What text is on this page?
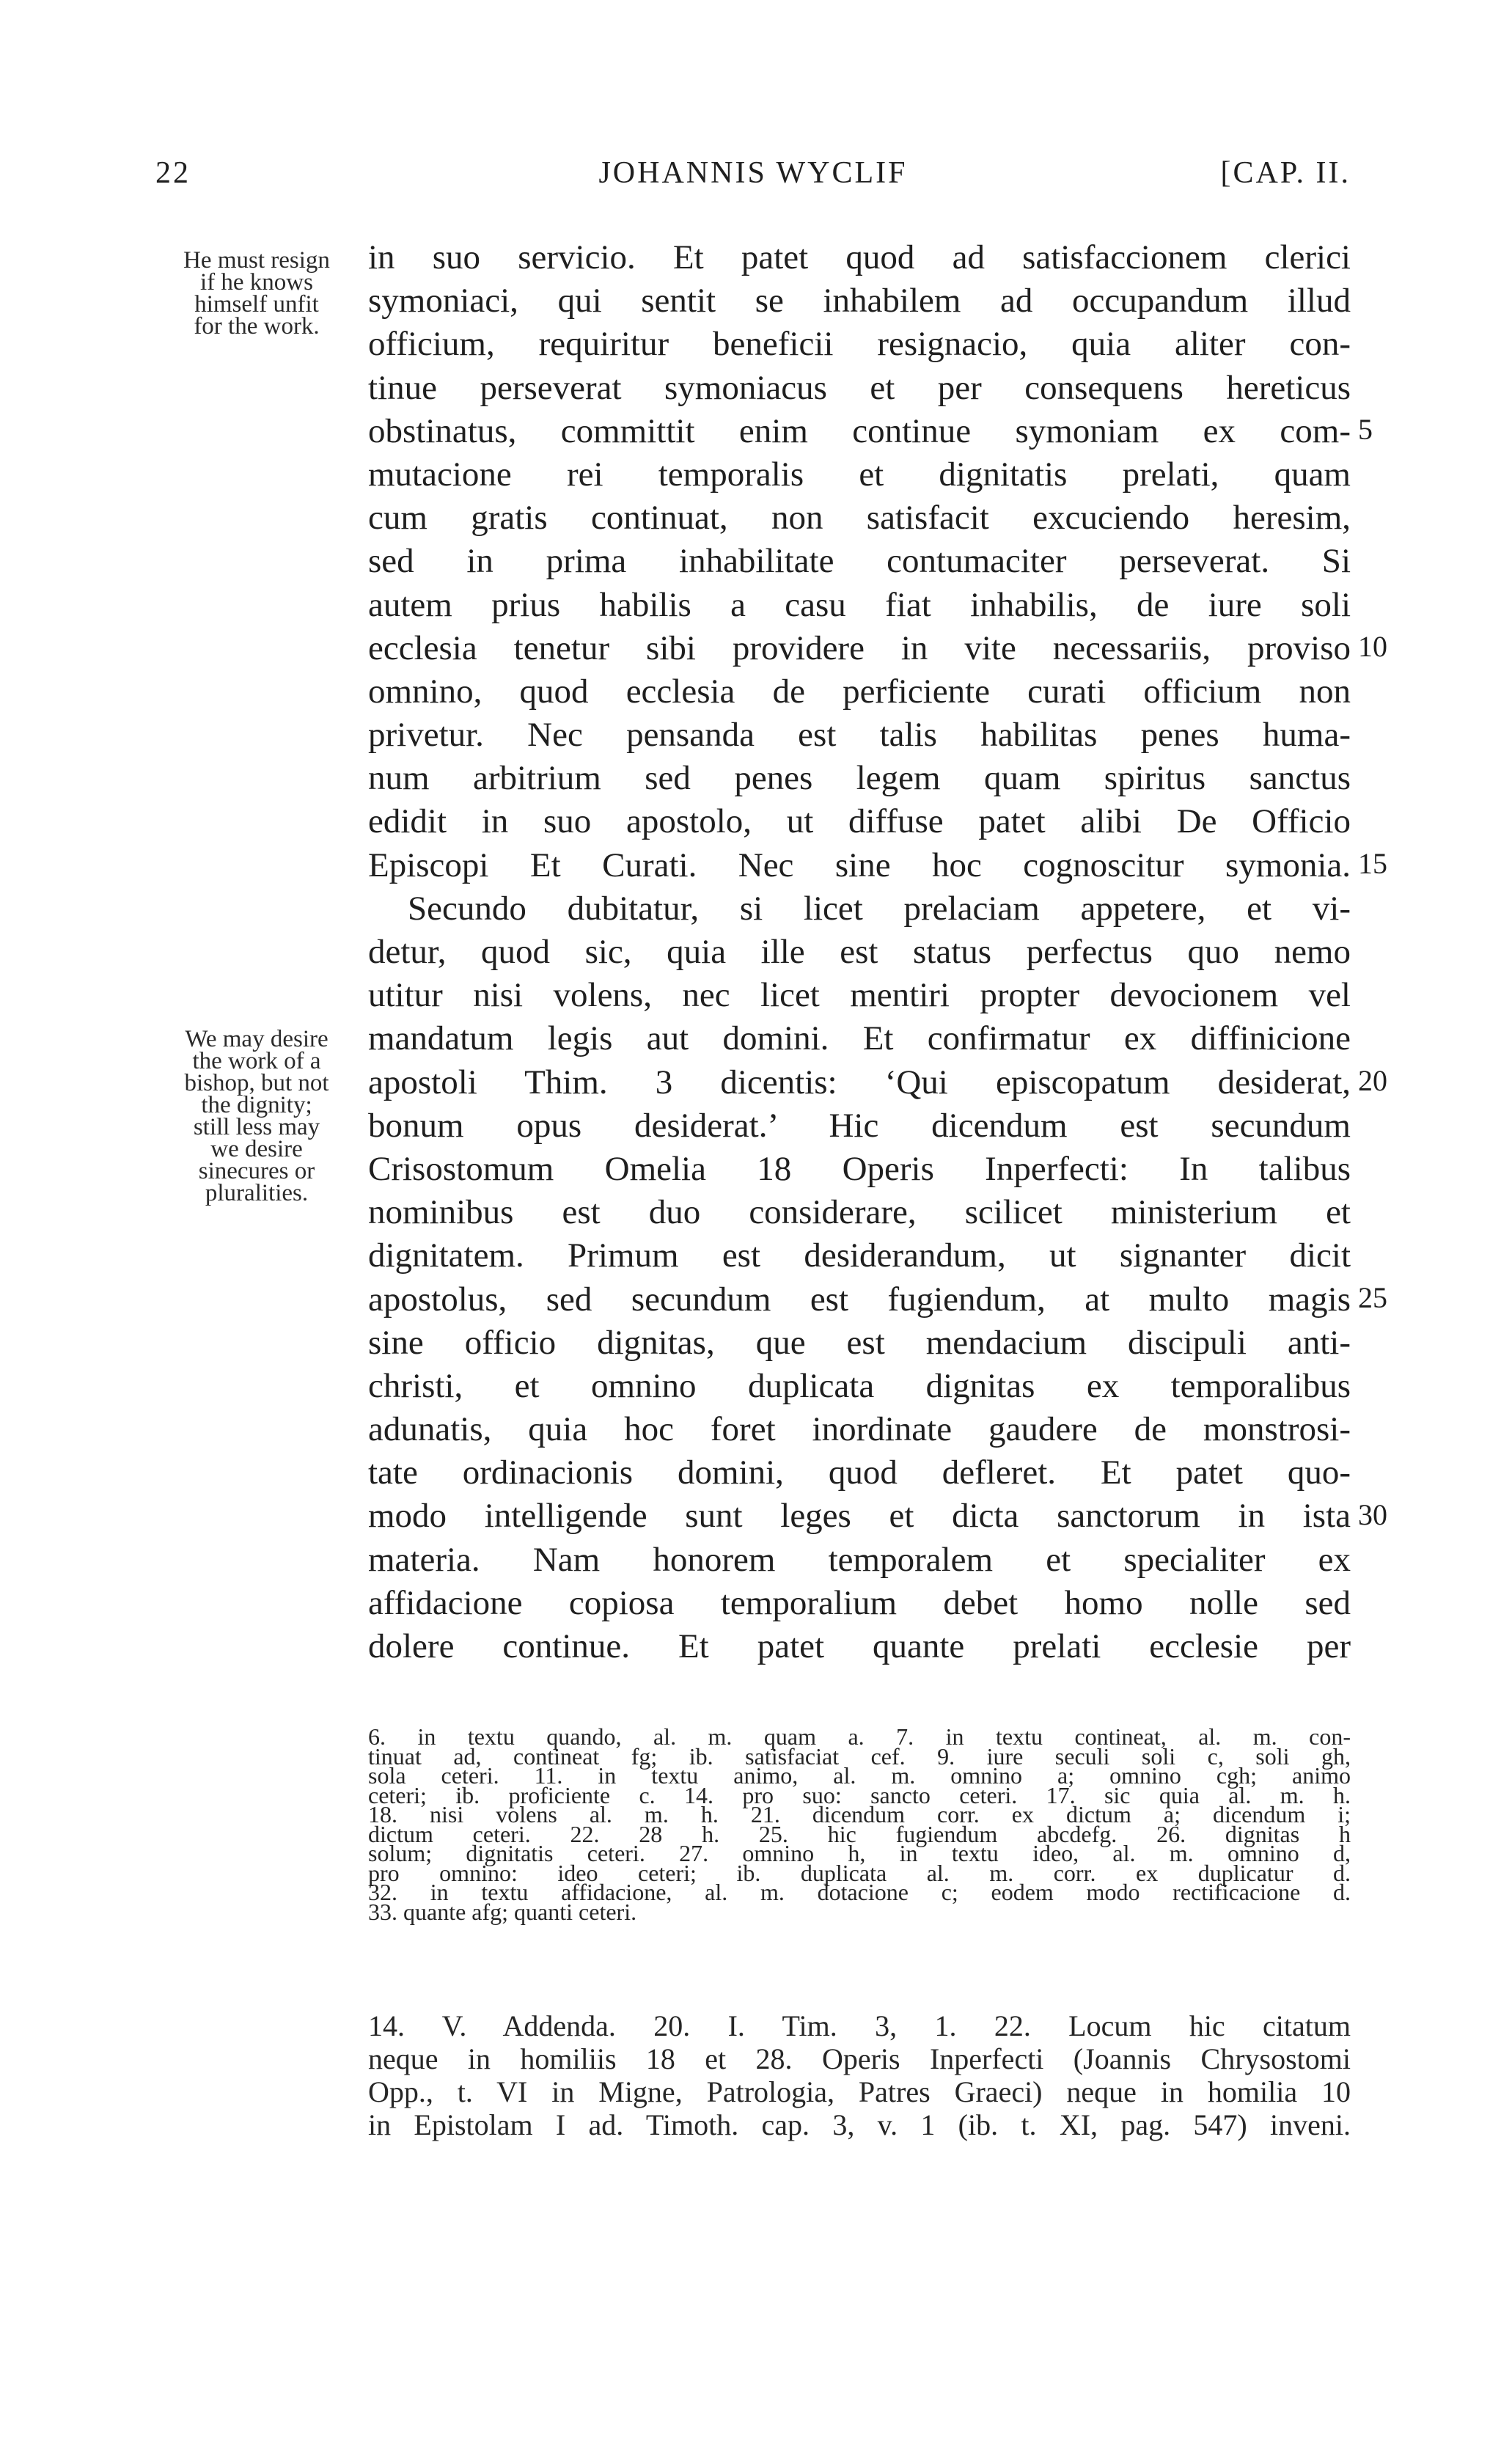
22	JOHANNIS WYCLIF	[CAP. II.
He must resign
if he knows
himself unfit
for the work.
We may desire
the work of a
bishop, but not
the dignity;
still less may
we desire
sinecures or
pluralities.
in suo servicio. Et patet quod ad satisfaccionem clerici
symoniaci, qui sentit se inhabilem ad occupandum illud
officium, requiritur beneficii resignacio, quia aliter con-
tinue perseverat symoniacus et per consequens hereticus
obstinatus, committit enim continue symoniam ex com-
mutacione rei temporalis et dignitatis prelati, quam
cum gratis continuat, non satisfacit excuciendo heresim,
sed in prima inhabilitate contumaciter perseverat. Si
autem prius habilis a casu fiat inhabilis, de iure soli
ecclesia tenetur sibi providere in vite necessariis, proviso
omnino, quod ecclesia de perficiente curati officium non
privetur. Nec pensanda est talis habilitas penes huma-
num arbitrium sed penes legem quam spiritus sanctus
edidit in suo apostolo, ut diffuse patet alibi De Officio
Episcopi Et Curati. Nec sine hoc cognoscitur symonia.
Secundo dubitatur, si licet prelaciam appetere, et vi-
detur, quod sic, quia ille est status perfectus quo nemo
utitur nisi volens, nec licet mentiri propter devocionem vel
mandatum legis aut domini. Et confirmatur ex diffinicione
apostoli Thim. 3 dicentis: ‘Qui episcopatum desiderat,
bonum opus desiderat.’ Hic dicendum est secundum
Crisostomum Omelia 18 Operis Inperfecti: In talibus
nominibus est duo considerare, scilicet ministerium et
dignitatem. Primum est desiderandum, ut signanter dicit
apostolus, sed secundum est fugiendum, at multo magis
sine officio dignitas, que est mendacium discipuli anti-
christi, et omnino duplicata dignitas ex temporalibus
adunatis, quia hoc foret inordinate gaudere de monstrosi-
tate ordinacionis domini, quod defleret. Et patet quo-
modo intelligende sunt leges et dicta sanctorum in ista
materia. Nam honorem temporalem et specialiter ex
affidacione copiosa temporalium debet homo nolle sed
dolere continue. Et patet quante prelati ecclesie per
5
10
15
20
25
30
6. in textu quando, al. m. quam a. 7. in textu contineat, al. m. con-
tinuat ad, contineat fg; ib. satisfaciat cef. 9. iure seculi soli c, soli gh,
sola ceteri. 11. in textu animo, al. m. omnino a; omnino cgh; animo
ceteri; ib. proficiente c. 14. pro suo: sancto ceteri. 17. sic quia al. m. h.
18. nisi volens al. m. h. 21. dicendum corr. ex dictum a; dicendum i;
dictum ceteri. 22. 28 h. 25. hic fugiendum abcdefg. 26. dignitas h
solum; dignitatis ceteri. 27. omnino h, in textu ideo, al. m. omnino d,
pro omnino: ideo ceteri; ib. duplicata al. m. corr. ex duplicatur d.
32. in textu affidacione, al. m. dotacione c; eodem modo rectificacione d.
33. quante afg; quanti ceteri.
14. V. Addenda. 20. I. Tim. 3, 1. 22. Locum hic citatum
neque in homiliis 18 et 28. Operis Inperfecti (Joannis Chrysostomi
Opp., t. VI in Migne, Patrologia, Patres Graeci) neque in homilia 10
in Epistolam I ad. Timoth. cap. 3, v. 1 (ib. t. XI, pag. 547) inveni.
